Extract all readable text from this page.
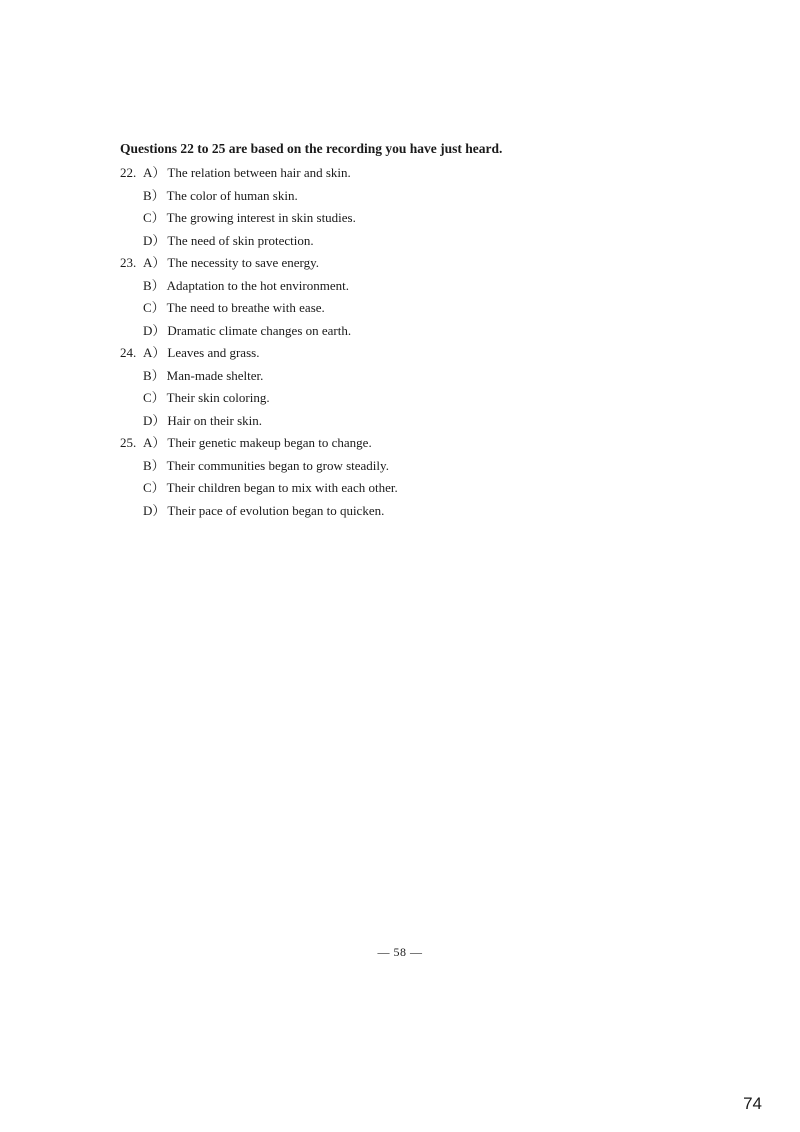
Questions 22 to 25 are based on the recording you have just heard.
22. A） The relation between hair and skin.
B） The color of human skin.
C） The growing interest in skin studies.
D） The need of skin protection.
23. A） The necessity to save energy.
B） Adaptation to the hot environment.
C） The need to breathe with ease.
D） Dramatic climate changes on earth.
24. A） Leaves and grass.
B） Man-made shelter.
C） Their skin coloring.
D） Hair on their skin.
25. A） Their genetic makeup began to change.
B） Their communities began to grow steadily.
C） Their children began to mix with each other.
D） Their pace of evolution began to quicken.
— 58 —
74
